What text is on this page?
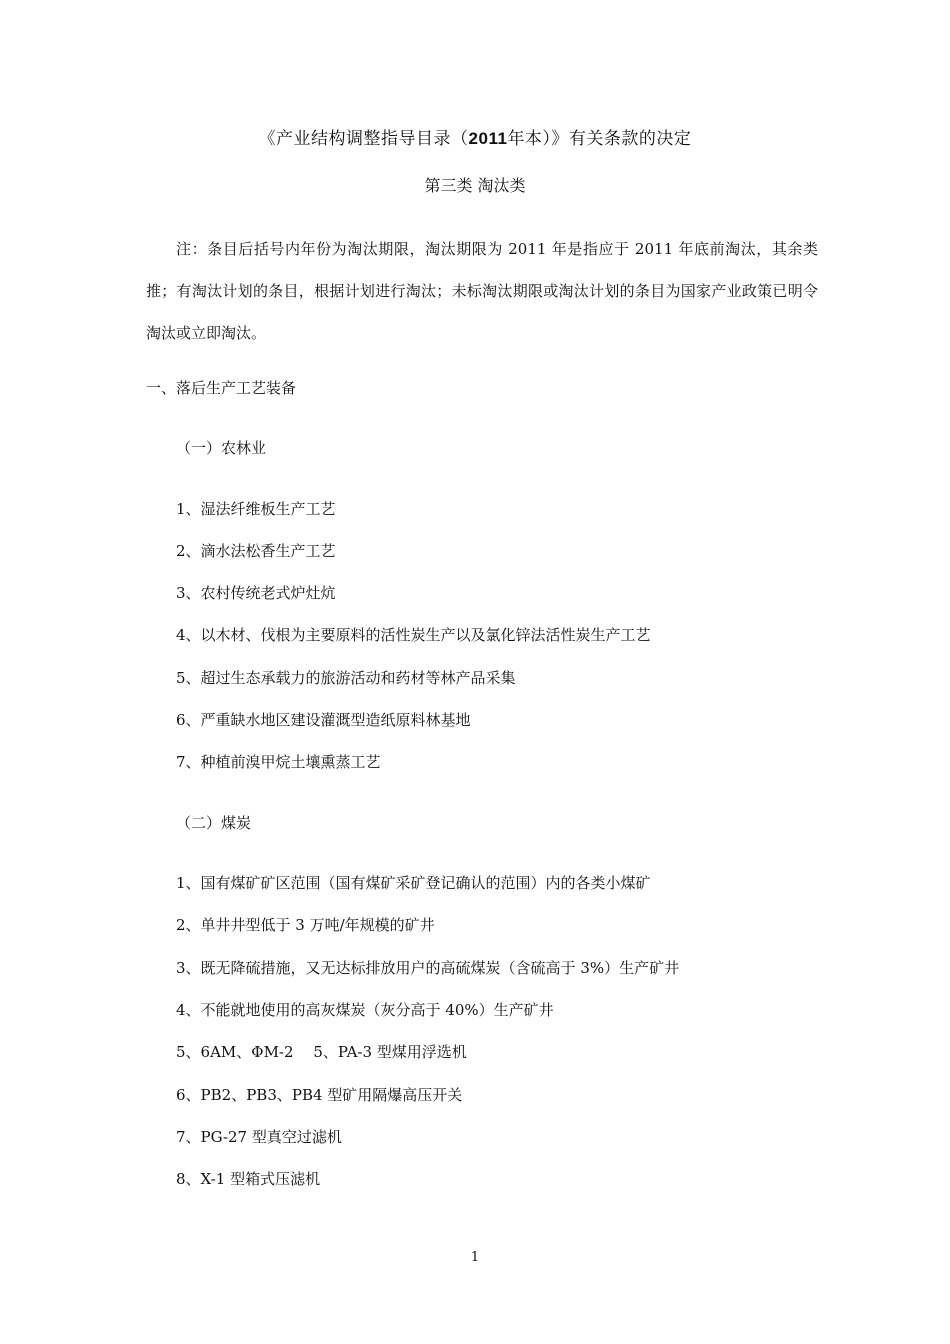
《产业结构调整指导目录（2011年本）》有关条款的决定
第三类 淘汰类
注：条目后括号内年份为淘汰期限，淘汰期限为 2011 年是指应于 2011 年底前淘汰，其余类推；有淘汰计划的条目，根据计划进行淘汰；未标淘汰期限或淘汰计划的条目为国家产业政策已明令淘汰或立即淘汰。
一、落后生产工艺装备
（一）农林业
1、湿法纤维板生产工艺
2、滴水法松香生产工艺
3、农村传统老式炉灶炕
4、以木材、伐根为主要原料的活性炭生产以及氯化锌法活性炭生产工艺
5、超过生态承载力的旅游活动和药材等林产品采集
6、严重缺水地区建设灌溉型造纸原料林基地
7、种植前溴甲烷土壤熏蒸工艺
（二）煤炭
1、国有煤矿矿区范围（国有煤矿采矿登记确认的范围）内的各类小煤矿
2、单井井型低于 3 万吨/年规模的矿井
3、既无降硫措施，又无达标排放用户的高硫煤炭（含硫高于 3%）生产矿井
4、不能就地使用的高灰煤炭（灰分高于 40%）生产矿井
5、6AM、ΦM-2　 5、PA-3 型煤用浮选机
6、PB2、PB3、PB4 型矿用隔爆高压开关
7、PG-27 型真空过滤机
8、X-1 型箱式压滤机
1
